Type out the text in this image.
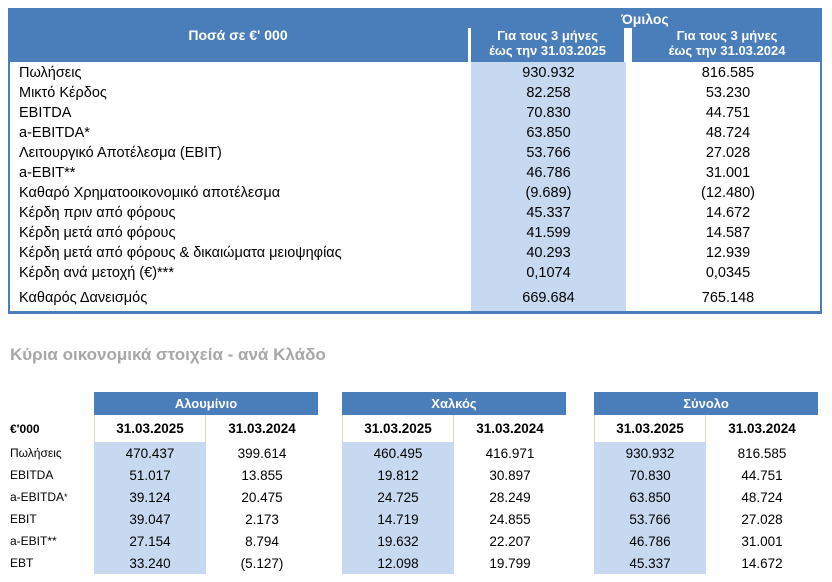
Ποσά σε €' 000
Όμιλος
Για τους 3 μήνες
έως την 31.03.2025
Για τους 3 μήνες
έως την 31.03.2024
Πωλήσεις	930.932	816.585
Μικτό Κέρδος	82.258	53.230
EBITDA	70.830	44.751
a-EBITDA*	63.850	48.724
Λειτουργικό Αποτέλεσμα (EBIT)	53.766	27.028
a-EBIT**	46.786	31.001
Καθαρό Χρηματοοικονομικό αποτέλεσμα	(9.689)	(12.480)
Κέρδη πριν από φόρους	45.337	14.672
Κέρδη μετά από φόρους	41.599	14.587
Κέρδη μετά από φόρους & δικαιώματα μειοψηφίας	40.293	12.939
Κέρδη ανά μετοχή (€)***	0,1074	0,0345
Καθαρός Δανεισμός	669.684	765.148
Κύρια οικονομικά στοιχεία - ανά Κλάδο
Αλουμίνιο	Χαλκός	Σύνολο
€'000	31.03.2025	31.03.2024	31.03.2025	31.03.2024	31.03.2025	31.03.2024
Πωλήσεις	470.437	399.614	460.495	416.971	930.932	816.585
EBITDA	51.017	13.855	19.812	30.897	70.830	44.751
a-EBITDA *	39.124	20.475	24.725	28.249	63.850	48.724
EBIT	39.047	2.173	14.719	24.855	53.766	27.028
a-EBIT**	27.154	8.794	19.632	22.207	46.786	31.001
EBT	33.240	(5.127)	12.098	19.799	45.337	14.672
